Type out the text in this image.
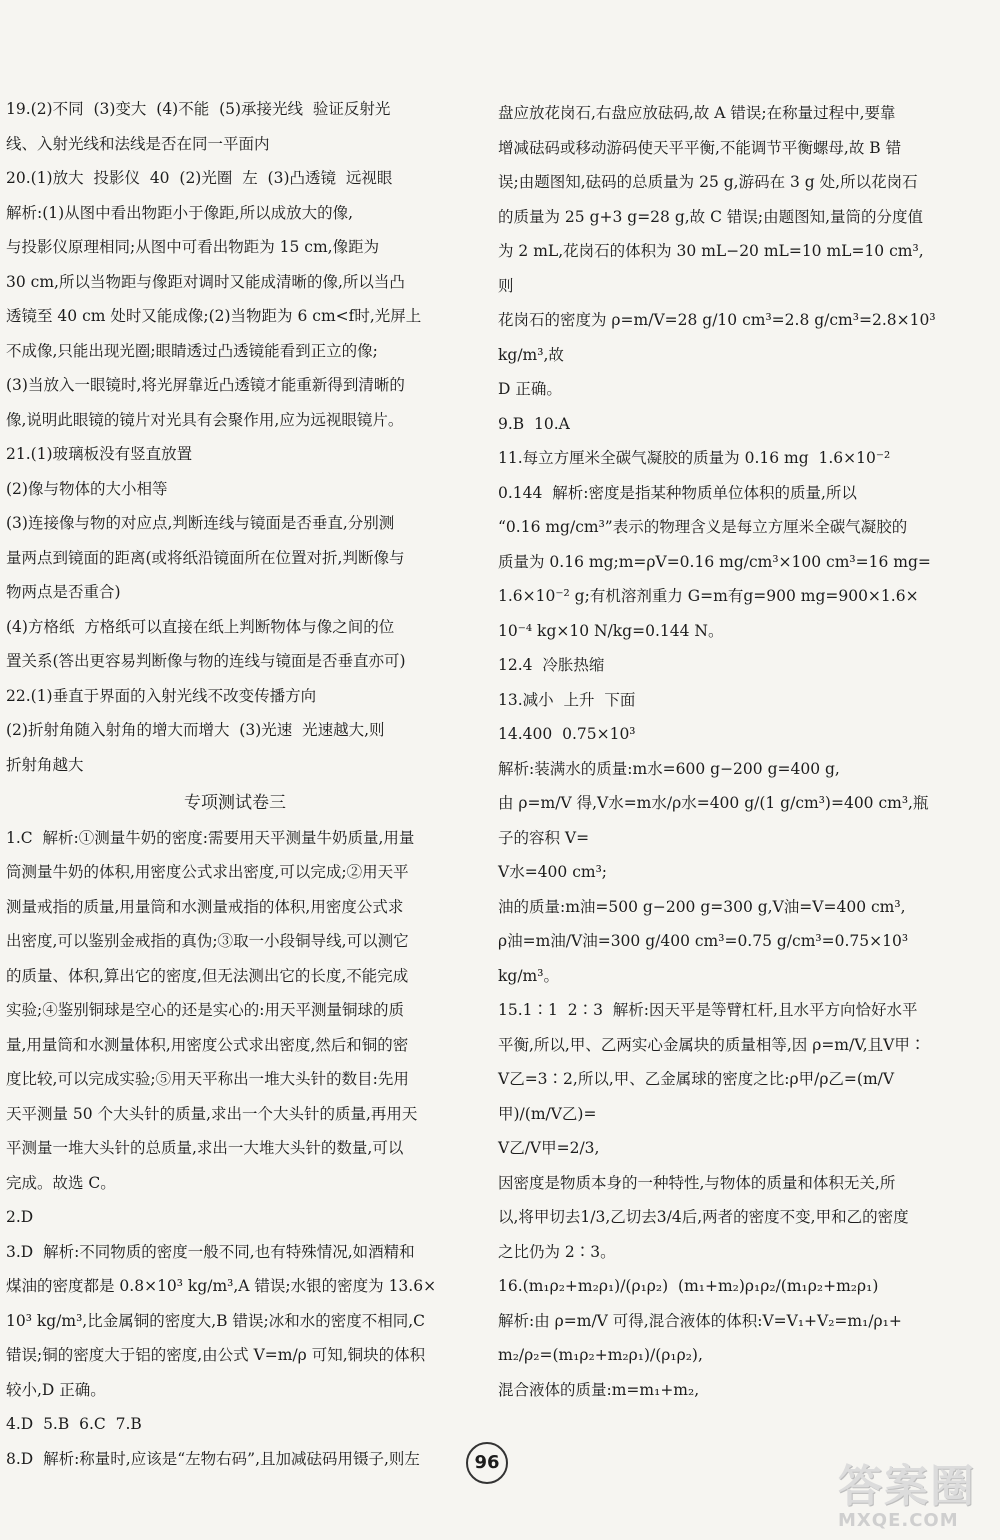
19.(2)不同  (3)变大  (4)不能  (5)承接光线  验证反射光

线、入射光线和法线是否在同一平面内

20.(1)放大  投影仪  40  (2)光圈  左  (3)凸透镜  远视眼

解析:(1)从图中看出物距小于像距,所以成放大的像,

与投影仪原理相同;从图中可看出物距为 15 cm,像距为

30 cm,所以当物距与像距对调时又能成清晰的像,所以当凸

透镜至 40 cm 处时又能成像;(2)当物距为 6 cm<f时,光屏上

不成像,只能出现光圈;眼睛透过凸透镜能看到正立的像;

(3)当放入一眼镜时,将光屏靠近凸透镜才能重新得到清晰的

像,说明此眼镜的镜片对光具有会聚作用,应为远视眼镜片。

21.(1)玻璃板没有竖直放置

(2)像与物体的大小相等

(3)连接像与物的对应点,判断连线与镜面是否垂直,分别测

量两点到镜面的距离(或将纸沿镜面所在位置对折,判断像与

物两点是否重合)

(4)方格纸  方格纸可以直接在纸上判断物体与像之间的位

置关系(答出更容易判断像与物的连线与镜面是否垂直亦可)

22.(1)垂直于界面的入射光线不改变传播方向

(2)折射角随入射角的增大而增大  (3)光速  光速越大,则

折射角越大

专项测试卷三

1.C  解析:①测量牛奶的密度:需要用天平测量牛奶质量,用量

筒测量牛奶的体积,用密度公式求出密度,可以完成;②用天平

测量戒指的质量,用量筒和水测量戒指的体积,用密度公式求

出密度,可以鉴别金戒指的真伪;③取一小段铜导线,可以测它

的质量、体积,算出它的密度,但无法测出它的长度,不能完成

实验;④鉴别铜球是空心的还是实心的:用天平测量铜球的质

量,用量筒和水测量体积,用密度公式求出密度,然后和铜的密

度比较,可以完成实验;⑤用天平称出一堆大头针的数目:先用

天平测量 50 个大头针的质量,求出一个大头针的质量,再用天

平测量一堆大头针的总质量,求出一大堆大头针的数量,可以

完成。故选 C。

2.D

3.D  解析:不同物质的密度一般不同,也有特殊情况,如酒精和

煤油的密度都是 0.8×10³ kg/m³,A 错误;水银的密度为 13.6×

10³ kg/m³,比金属铜的密度大,B 错误;冰和水的密度不相同,C

错误;铜的密度大于铝的密度,由公式 V=m/ρ 可知,铜块的体积

较小,D 正确。

4.D  5.B  6.C  7.B

8.D  解析:称量时,应该是“左物右码”,且加减砝码用镊子,则左

盘应放花岗石,右盘应放砝码,故 A 错误;在称量过程中,要靠

增减砝码或移动游码使天平平衡,不能调节平衡螺母,故 B 错

误;由题图知,砝码的总质量为 25 g,游码在 3 g 处,所以花岗石

的质量为 25 g+3 g=28 g,故 C 错误;由题图知,量筒的分度值

为 2 mL,花岗石的体积为 30 mL−20 mL=10 mL=10 cm³,则

花岗石的密度为 ρ=m/V=28 g/10 cm³=2.8 g/cm³=2.8×10³ kg/m³,故

D 正确。

9.B  10.A

11.每立方厘米全碳气凝胶的质量为 0.16 mg  1.6×10⁻²

0.144  解析:密度是指某种物质单位体积的质量,所以

“0.16 mg/cm³”表示的物理含义是每立方厘米全碳气凝胶的

质量为 0.16 mg;m=ρV=0.16 mg/cm³×100 cm³=16 mg=

1.6×10⁻² g;有机溶剂重力 G=m有g=900 mg=900×1.6×

10⁻⁴ kg×10 N/kg=0.144 N。

12.4  冷胀热缩

13.减小  上升  下面

14.400  0.75×10³

解析:装满水的质量:m水=600 g−200 g=400 g,

由 ρ=m/V 得,V水=m水/ρ水=400 g/(1 g/cm³)=400 cm³,瓶子的容积 V=

V水=400 cm³;

油的质量:m油=500 g−200 g=300 g,V油=V=400 cm³,

ρ油=m油/V油=300 g/400 cm³=0.75 g/cm³=0.75×10³ kg/m³。

15.1∶1  2∶3  解析:因天平是等臂杠杆,且水平方向恰好水平

平衡,所以,甲、乙两实心金属块的质量相等,因 ρ=m/V,且V甲∶

V乙=3∶2,所以,甲、乙金属球的密度之比:ρ甲/ρ乙=(m/V甲)/(m/V乙)=

V乙/V甲=2/3,

因密度是物质本身的一种特性,与物体的质量和体积无关,所

以,将甲切去1/3,乙切去3/4后,两者的密度不变,甲和乙的密度

之比仍为 2∶3。

16.(m₁ρ₂+m₂ρ₁)/(ρ₁ρ₂)  (m₁+m₂)ρ₁ρ₂/(m₁ρ₂+m₂ρ₁)

解析:由 ρ=m/V 可得,混合液体的体积:V=V₁+V₂=m₁/ρ₁+

m₂/ρ₂=(m₁ρ₂+m₂ρ₁)/(ρ₁ρ₂),

混合液体的质量:m=m₁+m₂,

96	答案圈
MXQE.COM
